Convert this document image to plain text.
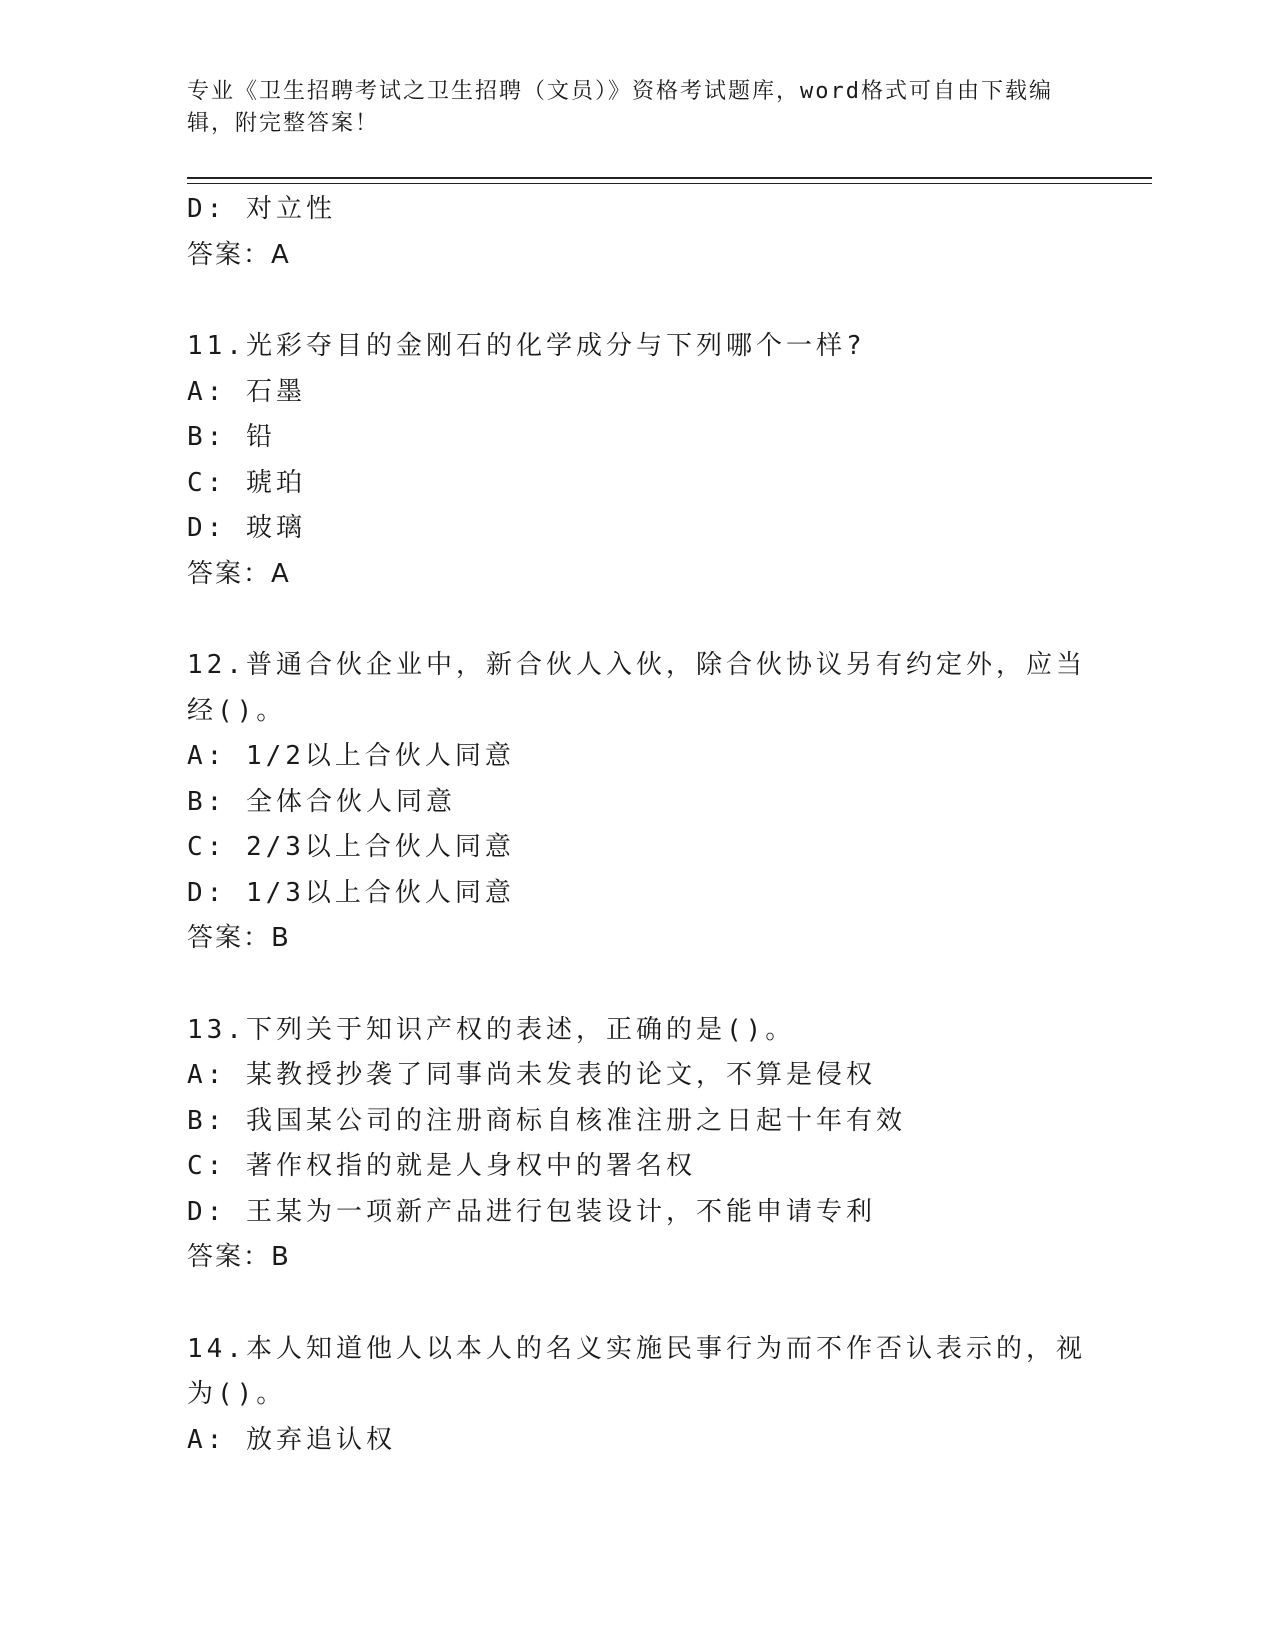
专业《卫生招聘考试之卫生招聘（文员）》资格考试题库，word格式可自由下载编辑，附完整答案！
D: 对立性
答案：A
11.光彩夺目的金刚石的化学成分与下列哪个一样?
A: 石墨
B: 铅
C: 琥珀
D: 玻璃
答案：A
12.普通合伙企业中，新合伙人入伙，除合伙协议另有约定外，应当经()。
A: 1/2以上合伙人同意
B: 全体合伙人同意
C: 2/3以上合伙人同意
D: 1/3以上合伙人同意
答案：B
13.下列关于知识产权的表述，正确的是()。
A: 某教授抄袭了同事尚未发表的论文，不算是侵权
B: 我国某公司的注册商标自核准注册之日起十年有效
C: 著作权指的就是人身权中的署名权
D: 王某为一项新产品进行包装设计，不能申请专利
答案：B
14.本人知道他人以本人的名义实施民事行为而不作否认表示的，视为()。
A: 放弃追认权
